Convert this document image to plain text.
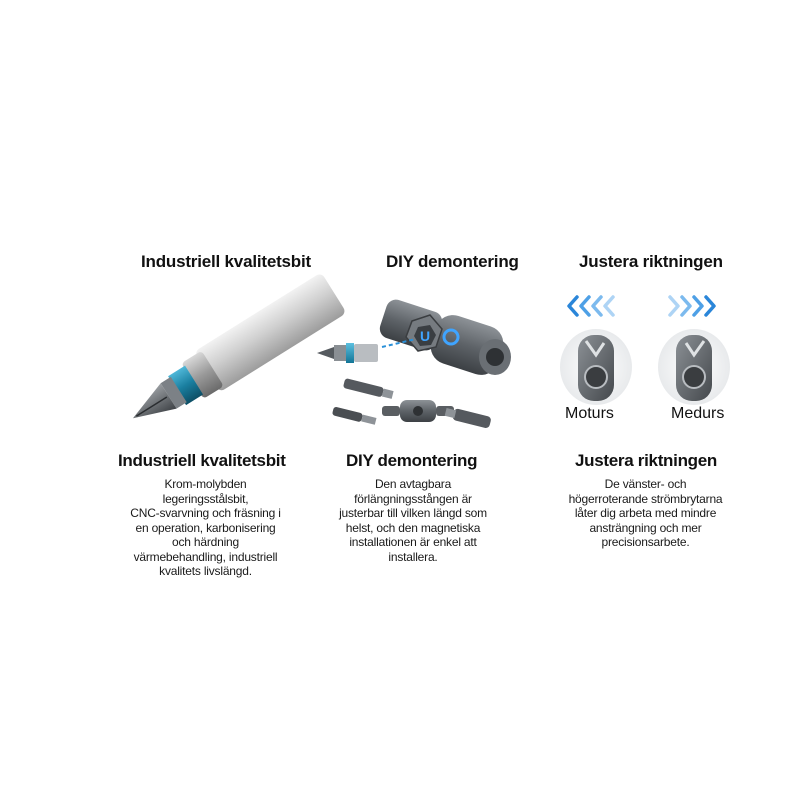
Industriell kvalitetsbit
Industriell kvalitetsbit
Krom-molybden
legeringsstålsbit,
CNC-svarvning och fräsning i
en operation, karbonisering
och härdning
värmebehandling, industriell
kvalitets livslängd.
DIY demontering
U
DIY demontering
Den avtagbara
förlängningsstången är
justerbar till vilken längd som
helst, och den magnetiska
installationen är enkel att
installera.
Justera riktningen
Moturs	Medurs
Justera riktningen
De vänster- och
högerroterande strömbrytarna
låter dig arbeta med mindre
ansträngning och mer
precisionsarbete.
